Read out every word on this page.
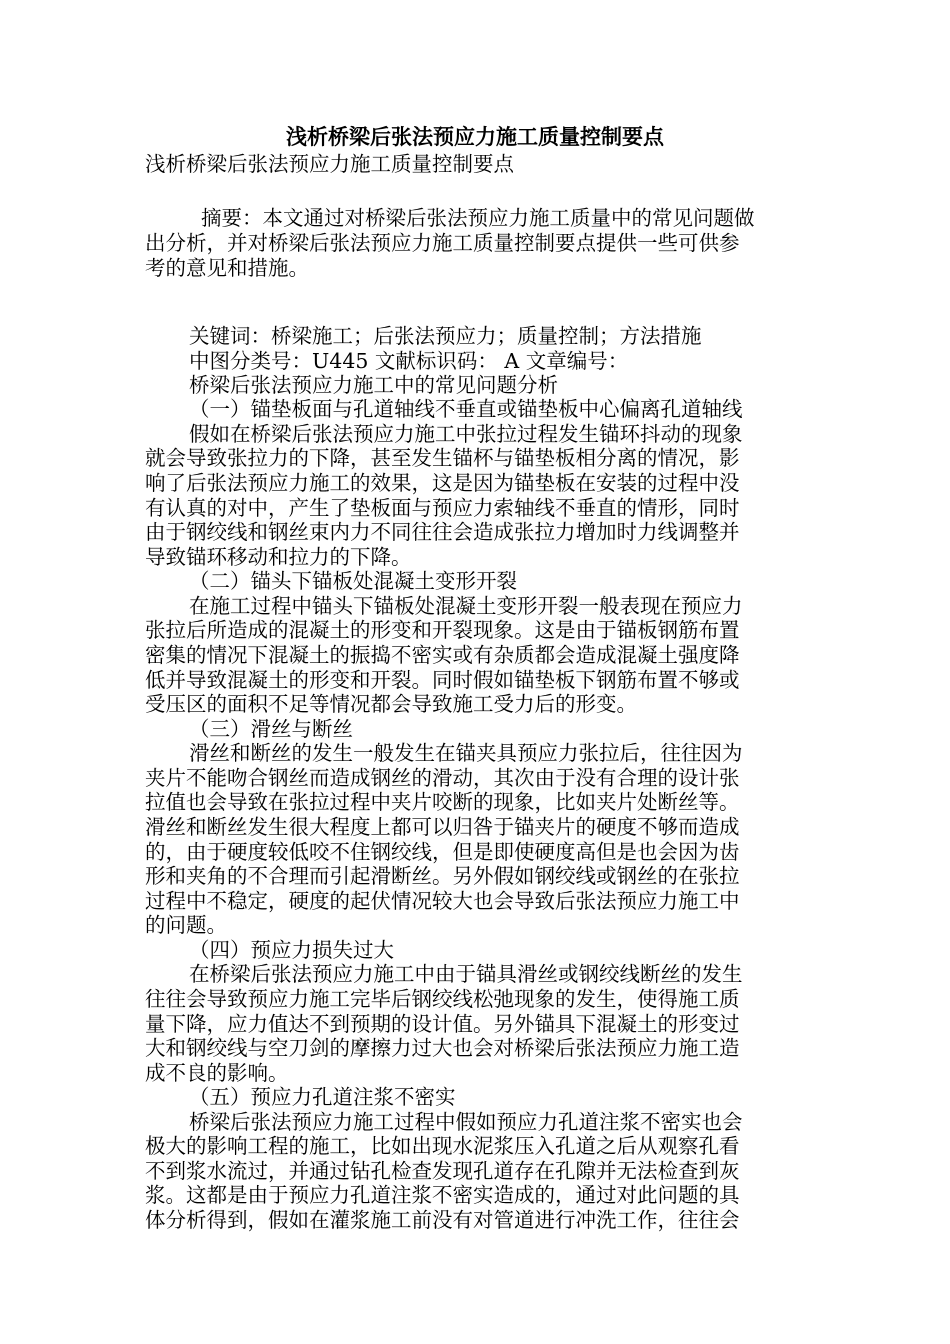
浅析桥梁后张法预应力施工质量控制要点

浅析桥梁后张法预应力施工质量控制要点

摘要：本文通过对桥梁后张法预应力施工质量中的常见问题做
出分析，并对桥梁后张法预应力施工质量控制要点提供一些可供参
考的意见和措施。

关键词：桥梁施工；后张法预应力；质量控制；方法措施

中图分类号：U445 文献标识码： A 文章编号：

桥梁后张法预应力施工中的常见问题分析

（一）锚垫板面与孔道轴线不垂直或锚垫板中心偏离孔道轴线

假如在桥梁后张法预应力施工中张拉过程发生锚环抖动的现象
就会导致张拉力的下降，甚至发生锚杯与锚垫板相分离的情况，影
响了后张法预应力施工的效果，这是因为锚垫板在安装的过程中没
有认真的对中，产生了垫板面与预应力索轴线不垂直的情形，同时
由于钢绞线和钢丝束内力不同往往会造成张拉力增加时力线调整并
导致锚环移动和拉力的下降。

（二）锚头下锚板处混凝土变形开裂

在施工过程中锚头下锚板处混凝土变形开裂一般表现在预应力
张拉后所造成的混凝土的形变和开裂现象。这是由于锚板钢筋布置
密集的情况下混凝土的振捣不密实或有杂质都会造成混凝土强度降
低并导致混凝土的形变和开裂。同时假如锚垫板下钢筋布置不够或
受压区的面积不足等情况都会导致施工受力后的形变。

（三）滑丝与断丝

滑丝和断丝的发生一般发生在锚夹具预应力张拉后，往往因为
夹片不能吻合钢丝而造成钢丝的滑动，其次由于没有合理的设计张
拉值也会导致在张拉过程中夹片咬断的现象，比如夹片处断丝等。
滑丝和断丝发生很大程度上都可以归咎于锚夹片的硬度不够而造成
的，由于硬度较低咬不住钢绞线，但是即使硬度高但是也会因为齿
形和夹角的不合理而引起滑断丝。另外假如钢绞线或钢丝的在张拉
过程中不稳定，硬度的起伏情况较大也会导致后张法预应力施工中
的问题。

（四）预应力损失过大

在桥梁后张法预应力施工中由于锚具滑丝或钢绞线断丝的发生
往往会导致预应力施工完毕后钢绞线松弛现象的发生，使得施工质
量下降，应力值达不到预期的设计值。另外锚具下混凝土的形变过
大和钢绞线与空刀剑的摩擦力过大也会对桥梁后张法预应力施工造
成不良的影响。

（五）预应力孔道注浆不密实

桥梁后张法预应力施工过程中假如预应力孔道注浆不密实也会
极大的影响工程的施工，比如出现水泥浆压入孔道之后从观察孔看
不到浆水流过，并通过钻孔检查发现孔道存在孔隙并无法检查到灰
浆。这都是由于预应力孔道注浆不密实造成的，通过对此问题的具
体分析得到，假如在灌浆施工前没有对管道进行冲洗工作，往往会
